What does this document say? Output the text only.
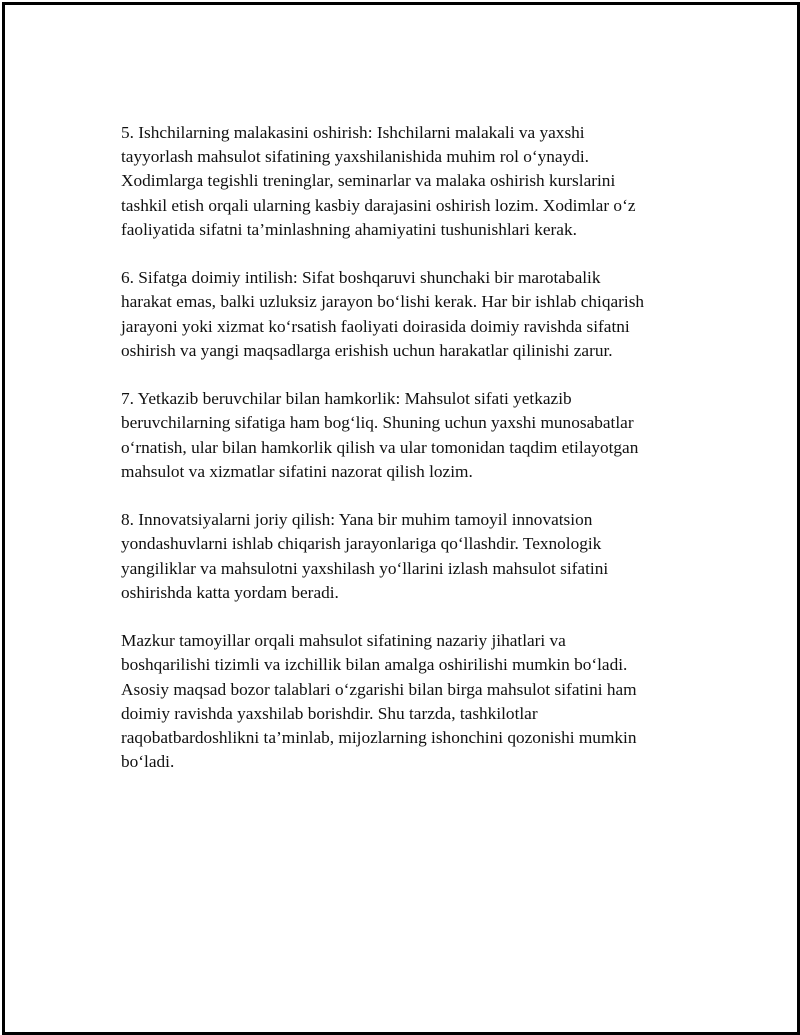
5. Ishchilarning malakasini oshirish: Ishchilarni malakali va yaxshi
tayyorlash mahsulot sifatining yaxshilanishida muhim rol o‘ynaydi.
Xodimlarga tegishli treninglar, seminarlar va malaka oshirish kurslarini
tashkil etish orqali ularning kasbiy darajasini oshirish lozim. Xodimlar o‘z
faoliyatida sifatni ta’minlashning ahamiyatini tushunishlari kerak.

6. Sifatga doimiy intilish: Sifat boshqaruvi shunchaki bir marotabalik
harakat emas, balki uzluksiz jarayon bo‘lishi kerak. Har bir ishlab chiqarish
jarayoni yoki xizmat ko‘rsatish faoliyati doirasida doimiy ravishda sifatni
oshirish va yangi maqsadlarga erishish uchun harakatlar qilinishi zarur.

7. Yetkazib beruvchilar bilan hamkorlik: Mahsulot sifati yetkazib
beruvchilarning sifatiga ham bog‘liq. Shuning uchun yaxshi munosabatlar
o‘rnatish, ular bilan hamkorlik qilish va ular tomonidan taqdim etilayotgan
mahsulot va xizmatlar sifatini nazorat qilish lozim.

8. Innovatsiyalarni joriy qilish: Yana bir muhim tamoyil innovatsion
yondashuvlarni ishlab chiqarish jarayonlariga qo‘llashdir. Texnologik
yangiliklar va mahsulotni yaxshilash yo‘llarini izlash mahsulot sifatini
oshirishda katta yordam beradi.

Mazkur tamoyillar orqali mahsulot sifatining nazariy jihatlari va
boshqarilishi tizimli va izchillik bilan amalga oshirilishi mumkin bo‘ladi.
Asosiy maqsad bozor talablari o‘zgarishi bilan birga mahsulot sifatini ham
doimiy ravishda yaxshilab borishdir. Shu tarzda, tashkilotlar
raqobatbardoshlikni ta’minlab, mijozlarning ishonchini qozonishi mumkin
bo‘ladi.
